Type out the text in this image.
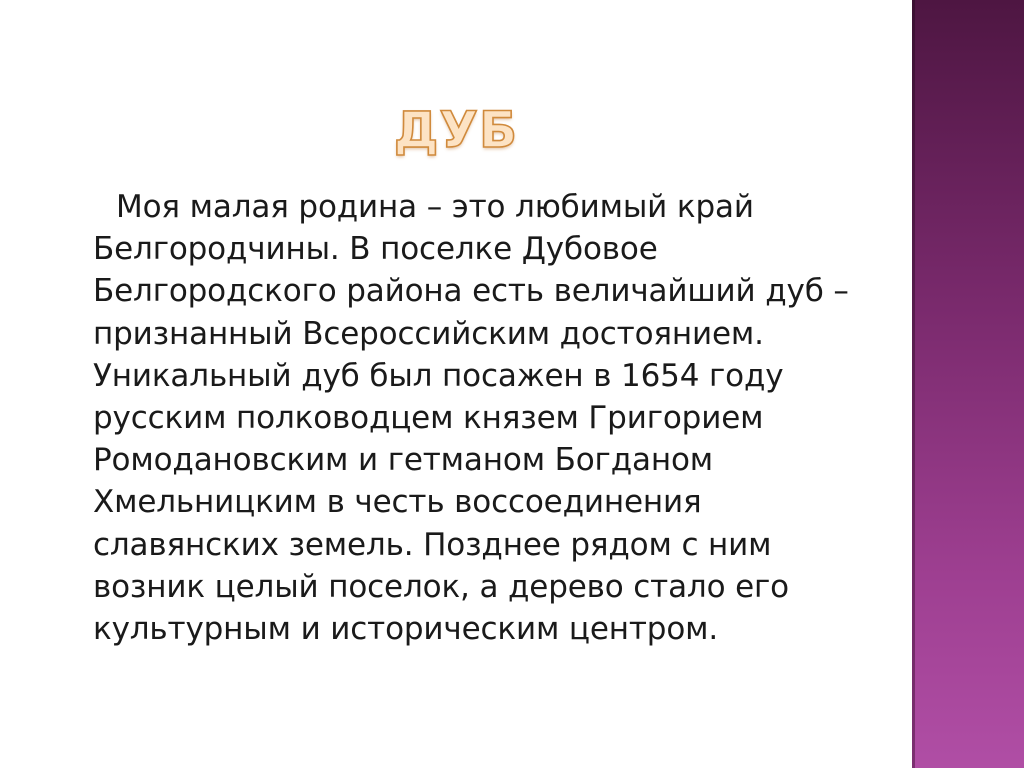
ДУБ

Моя малая родина – это любимый край Белгородчины. В поселке Дубовое Белгородского района есть величайший дуб – признанный Всероссийским достоянием. Уникальный дуб был посажен в 1654 году русским полководцем князем Григорием Ромодановским и гетманом Богданом Хмельницким в честь воссоединения славянских земель. Позднее рядом с ним возник целый поселок, а дерево стало его культурным и историческим центром.
